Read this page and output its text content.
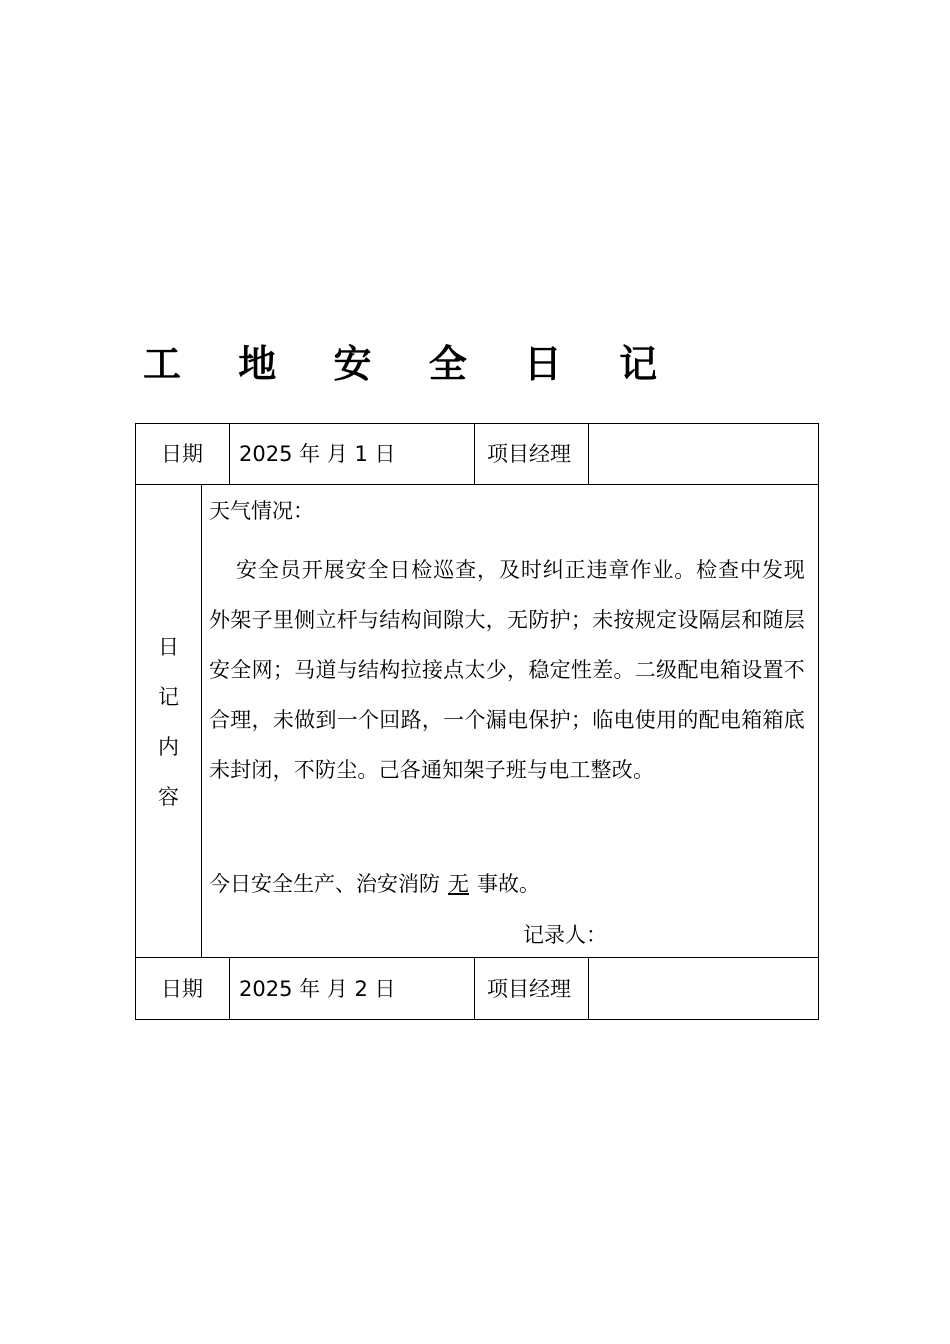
工 地 安 全 日 记
日期 2025 年 月 1 日	项目经理
日
记
内
容
天气情况：
安全员开展安全日检巡查，及时纠正违章作业。检查中发现外架子里侧立杆与结构间隙大，无防护；未按规定设隔层和随层安全网；马道与结构拉接点太少，稳定性差。二级配电箱设置不合理，未做到一个回路，一个漏电保护；临电使用的配电箱箱底未封闭，不防尘。己各通知架子班与电工整改。
今日安全生产、治安消防 无 事故。
记录人：
日期 2025 年 月 2 日	项目经理
